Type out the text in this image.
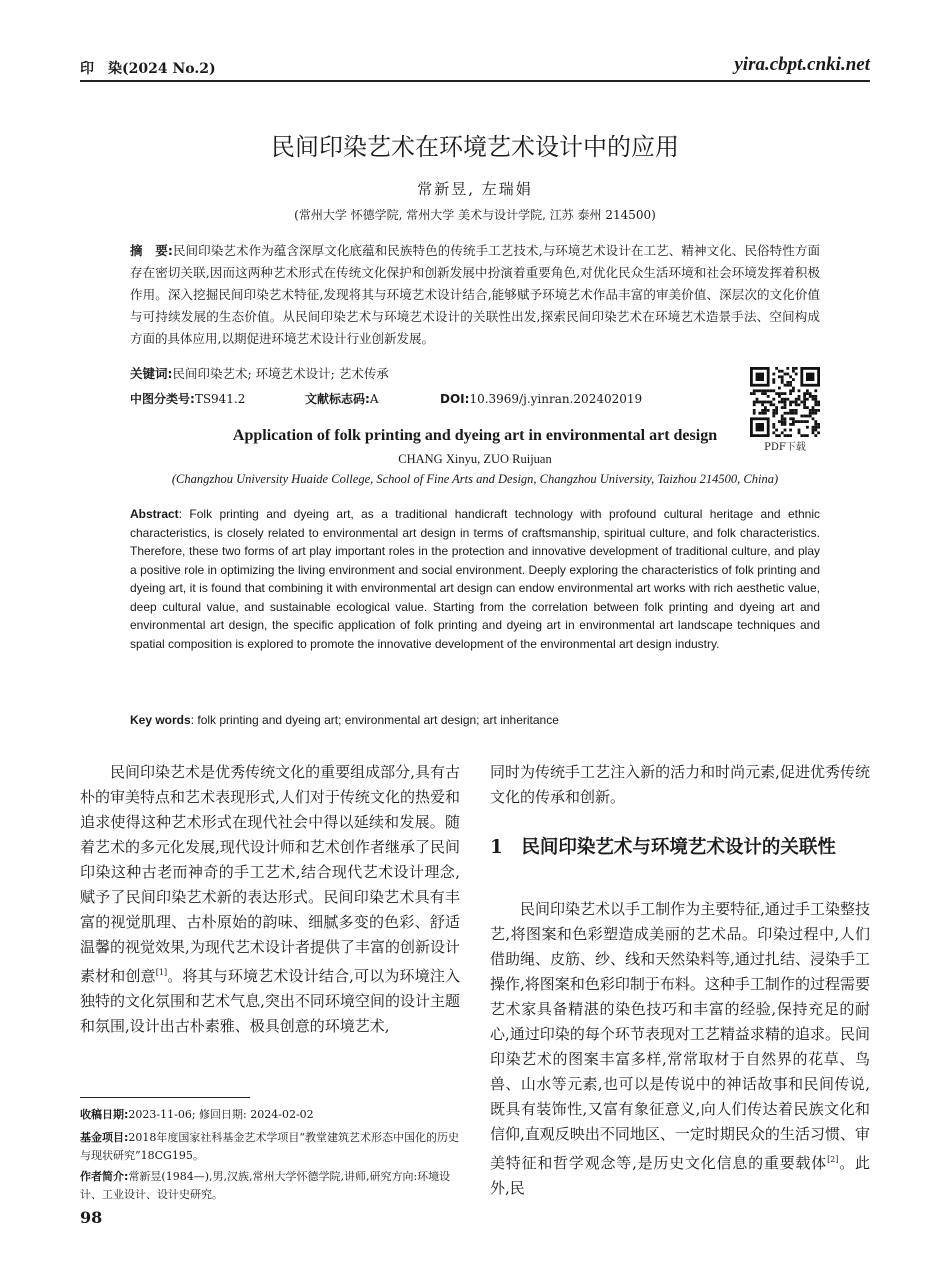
印　染(2024 No.2)	yira.cbpt.cnki.net
民间印染艺术在环境艺术设计中的应用
常新昱, 左瑞娟
(常州大学 怀德学院, 常州大学 美术与设计学院, 江苏 泰州 214500)
摘　要:民间印染艺术作为蕴含深厚文化底蕴和民族特色的传统手工艺技术,与环境艺术设计在工艺、精神文化、民俗特性方面存在密切关联,因而这两种艺术形式在传统文化保护和创新发展中扮演着重要角色,对优化民众生活环境和社会环境发挥着积极作用。深入挖掘民间印染艺术特征,发现将其与环境艺术设计结合,能够赋予环境艺术作品丰富的审美价值、深层次的文化价值与可持续发展的生态价值。从民间印染艺术与环境艺术设计的关联性出发,探索民间印染艺术在环境艺术造景手法、空间构成方面的具体应用,以期促进环境艺术设计行业创新发展。
关键词:民间印染艺术; 环境艺术设计; 艺术传承
中图分类号:TS941.2	文献标志码:A	DOI:10.3969/j.yinran.202402019
PDF下载
Application of folk printing and dyeing art in environmental art design
CHANG Xinyu, ZUO Ruijuan
(Changzhou University Huaide College, School of Fine Arts and Design, Changzhou University, Taizhou 214500, China)
Abstract: Folk printing and dyeing art, as a traditional handicraft technology with profound cultural heritage and ethnic characteristics, is closely related to environmental art design in terms of craftsmanship, spiritual culture, and folk characteristics. Therefore, these two forms of art play important roles in the protection and innovative development of traditional culture, and play a positive role in optimizing the living environment and social environment. Deeply exploring the characteristics of folk printing and dyeing art, it is found that combining it with environmental art design can endow environmental art works with rich aesthetic value, deep cultural value, and sustainable ecological value. Starting from the correlation between folk printing and dyeing art and environmental art design, the specific application of folk printing and dyeing art in environmental art landscape techniques and spatial composition is explored to promote the innovative development of the environmental art design industry.
Key words: folk printing and dyeing art; environmental art design; art inheritance
民间印染艺术是优秀传统文化的重要组成部分,具有古朴的审美特点和艺术表现形式,人们对于传统文化的热爱和追求使得这种艺术形式在现代社会中得以延续和发展。随着艺术的多元化发展,现代设计师和艺术创作者继承了民间印染这种古老而神奇的手工艺术,结合现代艺术设计理念,赋予了民间印染艺术新的表达形式。民间印染艺术具有丰富的视觉肌理、古朴原始的韵味、细腻多变的色彩、舒适温馨的视觉效果,为现代艺术设计者提供了丰富的创新设计素材和创意[1]。将其与环境艺术设计结合,可以为环境注入独特的文化氛围和艺术气息,突出不同环境空间的设计主题和氛围,设计出古朴素雅、极具创意的环境艺术,
同时为传统手工艺注入新的活力和时尚元素,促进优秀传统文化的传承和创新。
1　民间印染艺术与环境艺术设计的关联性
民间印染艺术以手工制作为主要特征,通过手工染整技艺,将图案和色彩塑造成美丽的艺术品。印染过程中,人们借助绳、皮筋、纱、线和天然染料等,通过扎结、浸染手工操作,将图案和色彩印制于布料。这种手工制作的过程需要艺术家具备精湛的染色技巧和丰富的经验,保持充足的耐心,通过印染的每个环节表现对工艺精益求精的追求。民间印染艺术的图案丰富多样,常常取材于自然界的花草、鸟兽、山水等元素,也可以是传说中的神话故事和民间传说,既具有装饰性,又富有象征意义,向人们传达着民族文化和信仰,直观反映出不同地区、一定时期民众的生活习惯、审美特征和哲学观念等,是历史文化信息的重要载体[2]。此外,民
收稿日期:2023-11-06; 修回日期: 2024-02-02
基金项目:2018年度国家社科基金艺术学项目“教堂建筑艺术形态中国化的历史与现状研究”18CG195。
作者简介:常新昱(1984—),男,汉族,常州大学怀德学院,讲师,研究方向:环境设计、工业设计、设计史研究。
98
